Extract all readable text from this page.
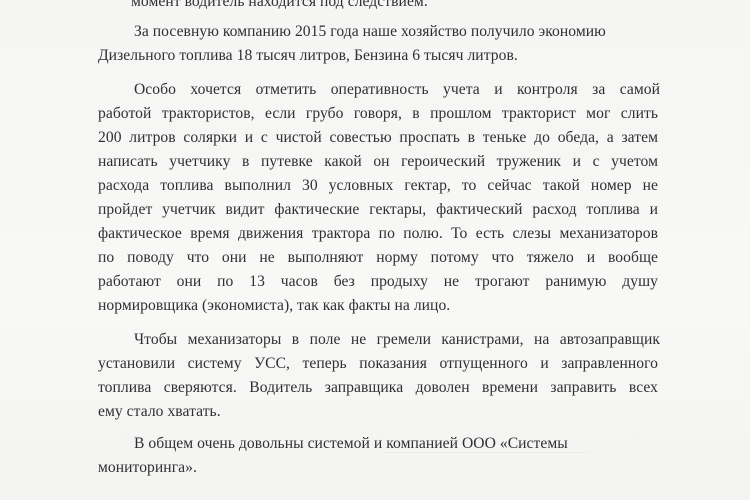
момент водитель находится под следствием.
За посевную компанию 2015 года наше хозяйство получило экономию
Дизельного топлива 18 тысяч литров, Бензина 6 тысяч литров.
Особо хочется отметить оперативность учета и контроля за самой
работой трактористов, если грубо говоря, в прошлом тракторист мог слить
200 литров солярки и с чистой совестью проспать в теньке до обеда, а затем
написать учетчику в путевке какой он героический труженик и с учетом
расхода топлива выполнил 30 условных гектар, то сейчас такой номер не
пройдет учетчик видит фактические гектары, фактический расход топлива и
фактическое время движения трактора по полю. То есть слезы механизаторов
по поводу что они не выполняют норму потому что тяжело и вообще
работают они по 13 часов без продыху не трогают ранимую душу
нормировщика (экономиста), так как факты на лицо.
Чтобы механизаторы в поле не гремели канистрами, на автозаправщик
установили систему УСС, теперь показания отпущенного и заправленного
топлива сверяются. Водитель заправщика доволен времени заправить всех
ему стало хватать.
В общем очень довольны системой и компанией ООО «Системы
мониторинга».
